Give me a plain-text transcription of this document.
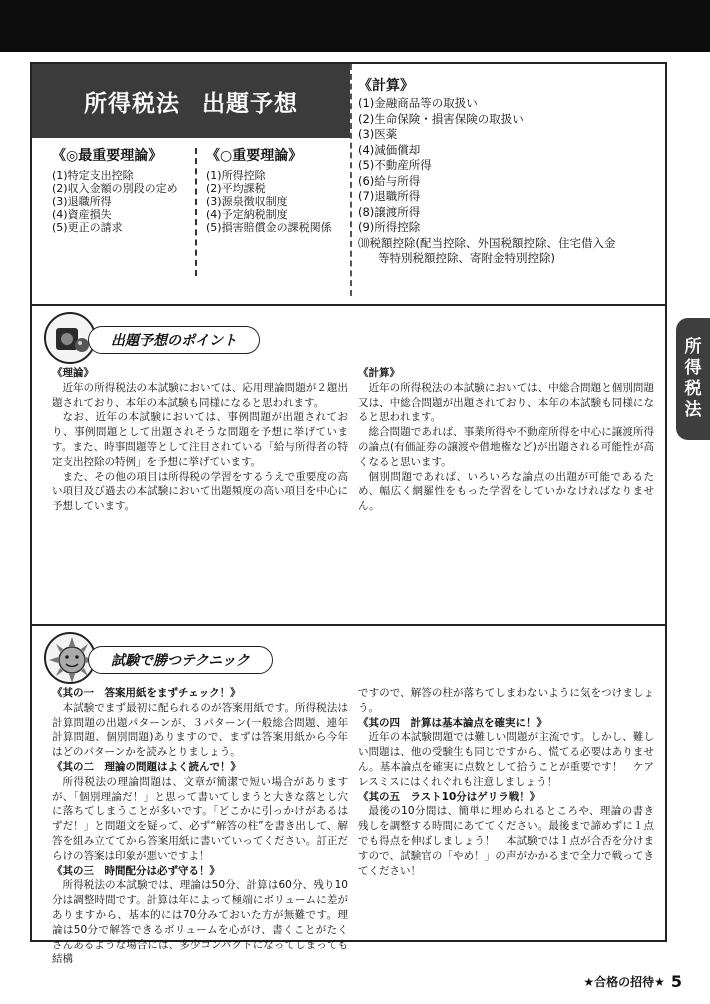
所得税法 出題予想
《◎最重要理論》
(1)特定支出控除
(2)収入金額の別段の定め
(3)退職所得
(4)資産損失
(5)更正の請求
《○重要理論》
(1)所得控除
(2)平均課税
(3)源泉徴収制度
(4)予定納税制度
(5)損害賠償金の課税関係
《計算》
(1)金融商品等の取扱い
(2)生命保険・損害保険の取扱い
(3)医薬
(4)減価償却
(5)不動産所得
(6)給与所得
(7)退職所得
(8)譲渡所得
(9)所得控除
⑽税額控除(配当控除、外国税額控除、住宅借入金
等特別税額控除、寄附金特別控除)
出題予想のポイント
《理論》

近年の所得税法の本試験においては、応用理論問題が２題出題されており、本年の本試験も同様になると思われます。

なお、近年の本試験においては、事例問題が出題されており、事例問題として出題されそうな問題を予想に挙げています。また、時事問題等として注目されている「給与所得者の特定支出控除の特例」を予想に挙げています。

また、その他の項目は所得税の学習をするうえで重要度の高い項目及び過去の本試験において出題頻度の高い項目を中心に予想しています。

《計算》

近年の所得税法の本試験においては、中総合問題と個別問題又は、中総合問題が出題されており、本年の本試験も同様になると思われます。

総合問題であれば、事業所得や不動産所得を中心に譲渡所得の論点(有価証券の譲渡や借地権など)が出題される可能性が高くなると思います。

個別問題であれば、いろいろな論点の出題が可能であるため、幅広く網羅性をもった学習をしていかなければなりません。

試験で勝つテクニック
《其の一　答案用紙をまずチェック！》

本試験でまず最初に配られるのが答案用紙です。所得税法は計算問題の出題パターンが、３パターン(一般総合問題、連年計算問題、個別問題)ありますので、まずは答案用紙から今年はどのパターンかを読みとりましょう。

《其の二　理論の問題はよく読んで！》

所得税法の理論問題は、文章が簡潔で短い場合がありますが、「個別理論だ！」と思って書いてしまうと大きな落とし穴に落ちてしまうことが多いです。「どこかに引っかけがあるはずだ！」と問題文を疑って、必ず“解答の柱”を書き出して、解答を組み立ててから答案用紙に書いていってください。訂正だらけの答案は印象が悪いですよ！

《其の三　時間配分は必ず守る！》

所得税法の本試験では、理論は50分、計算は60分、残り10分は調整時間です。計算は年によって極端にボリュームに差がありますから、基本的には70分みておいた方が無難です。理論は50分で解答できるボリュームを心がけ、書くことがたくさんあるような場合には、多少コンパクトになってしまっても結構

ですので、解答の柱が落ちてしまわないように気をつけましょう。

《其の四　計算は基本論点を確実に！》

近年の本試験問題では難しい問題が主流です。しかし、難しい問題は、他の受験生も同じですから、慌てる必要はありません。基本論点を確実に点数として拾うことが重要です！　ケアレスミスにはくれぐれも注意しましょう！

《其の五　ラスト10分はゲリラ戦！》

最後の10分間は、簡単に埋められるところや、理論の書き残しを調整する時間にあててください。最後まで諦めずに１点でも得点を伸ばしましょう！　本試験では１点が合否を分けますので、試験官の「やめ！」の声がかかるまで全力で戦ってきてください！

所
得
税
法
★合格の招待★ 5
